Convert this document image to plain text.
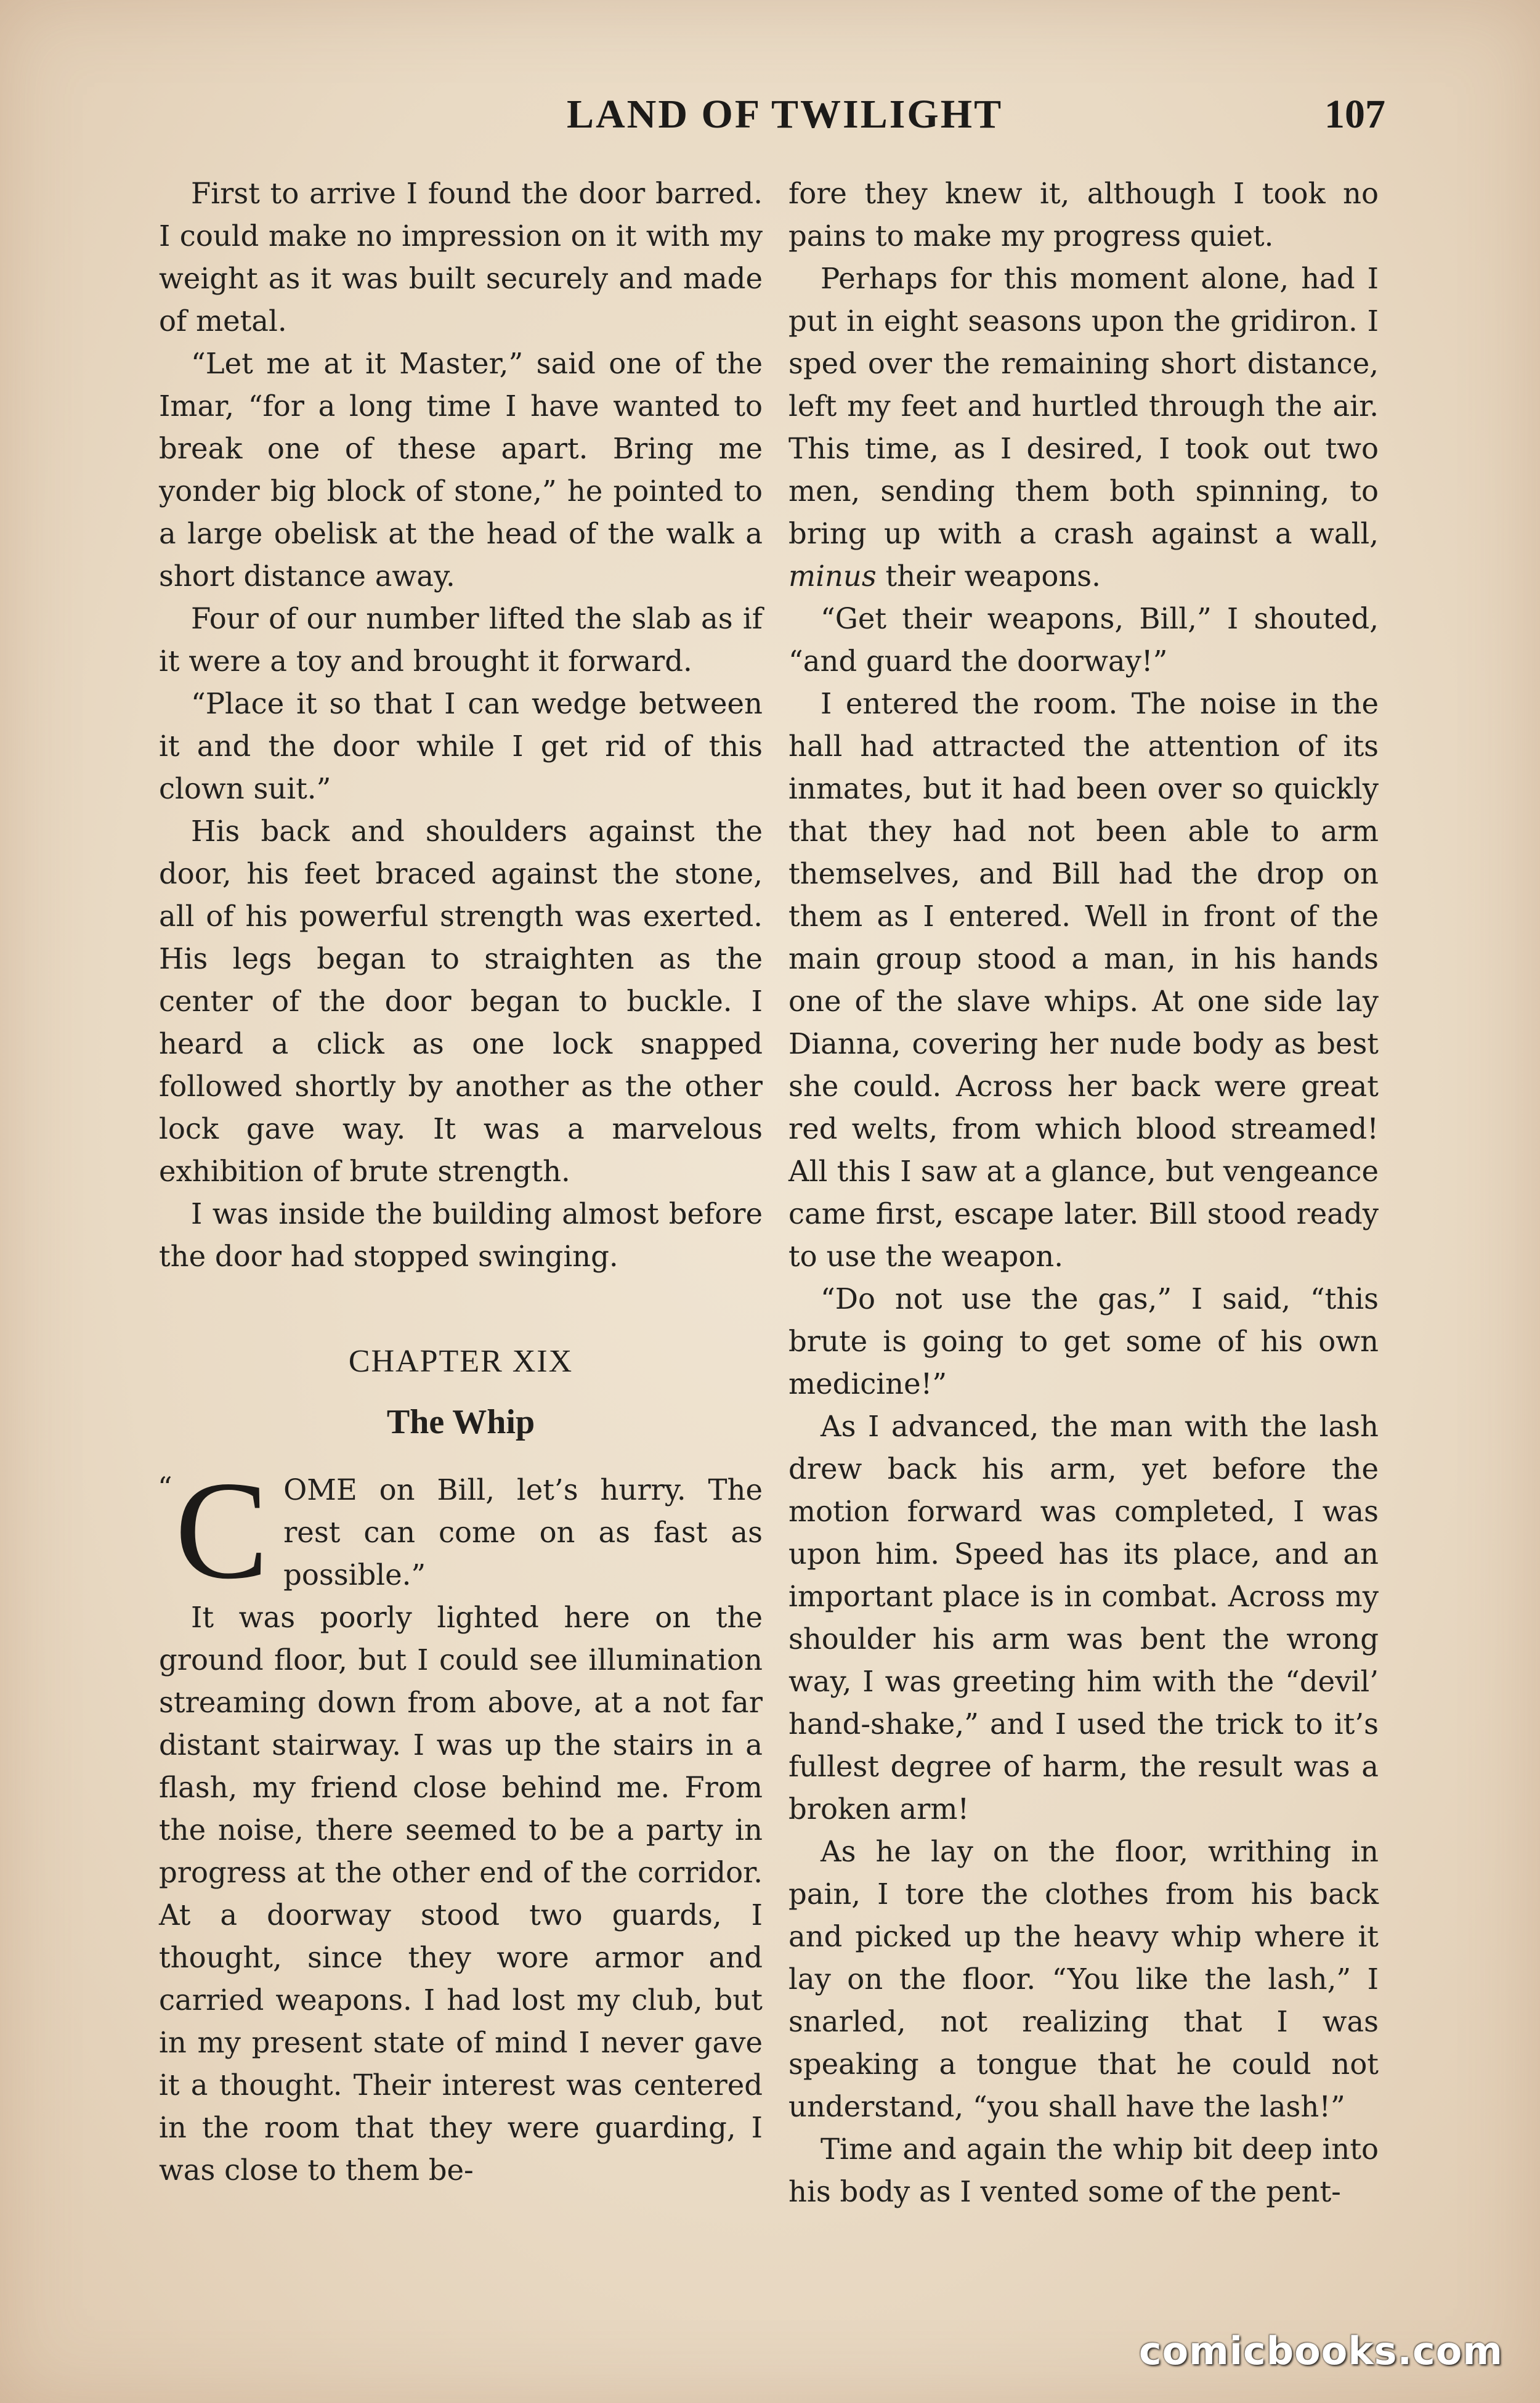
LAND OF TWILIGHT	107

First to arrive I found the door barred. I could make no impression on it with my weight as it was built securely and made of metal.

“Let me at it Master,” said one of the Imar, “for a long time I have wanted to break one of these apart. Bring me yonder big block of stone,” he pointed to a large obelisk at the head of the walk a short distance away.

Four of our number lifted the slab as if it were a toy and brought it forward.

“Place it so that I can wedge between it and the door while I get rid of this clown suit.”

His back and shoulders against the door, his feet braced against the stone, all of his powerful strength was exerted. His legs began to straighten as the center of the door began to buckle. I heard a click as one lock snapped followed shortly by another as the other lock gave way. It was a marvelous exhibition of brute strength.

I was inside the building almost before the door had stopped swinging.

CHAPTER XIX
The Whip

“ C OME on Bill, let’s hurry. The rest can come on as fast as possible.”

It was poorly lighted here on the ground floor, but I could see illumination streaming down from above, at a not far distant stairway. I was up the stairs in a flash, my friend close behind me. From the noise, there seemed to be a party in progress at the other end of the corridor. At a doorway stood two guards, I thought, since they wore armor and carried weapons. I had lost my club, but in my present state of mind I never gave it a thought. Their interest was centered in the room that they were guarding, I was close to them be-

fore they knew it, although I took no pains to make my progress quiet.

Perhaps for this moment alone, had I put in eight seasons upon the gridiron. I sped over the remaining short distance, left my feet and hurtled through the air. This time, as I desired, I took out two men, sending them both spinning, to bring up with a crash against a wall, minus their weapons.

“Get their weapons, Bill,” I shouted, “and guard the doorway!”

I entered the room. The noise in the hall had attracted the attention of its inmates, but it had been over so quickly that they had not been able to arm themselves, and Bill had the drop on them as I entered. Well in front of the main group stood a man, in his hands one of the slave whips. At one side lay Dianna, covering her nude body as best she could. Across her back were great red welts, from which blood streamed! All this I saw at a glance, but vengeance came first, escape later. Bill stood ready to use the weapon.

“Do not use the gas,” I said, “this brute is going to get some of his own medicine!”

As I advanced, the man with the lash drew back his arm, yet before the motion forward was completed, I was upon him. Speed has its place, and an important place is in combat. Across my shoulder his arm was bent the wrong way, I was greeting him with the “devil’ hand-shake,” and I used the trick to it’s fullest degree of harm, the result was a broken arm!

As he lay on the floor, writhing in pain, I tore the clothes from his back and picked up the heavy whip where it lay on the floor. “You like the lash,” I snarled, not realizing that I was speaking a tongue that he could not understand, “you shall have the lash!”

Time and again the whip bit deep into his body as I vented some of the pent-

comicbooks.com
